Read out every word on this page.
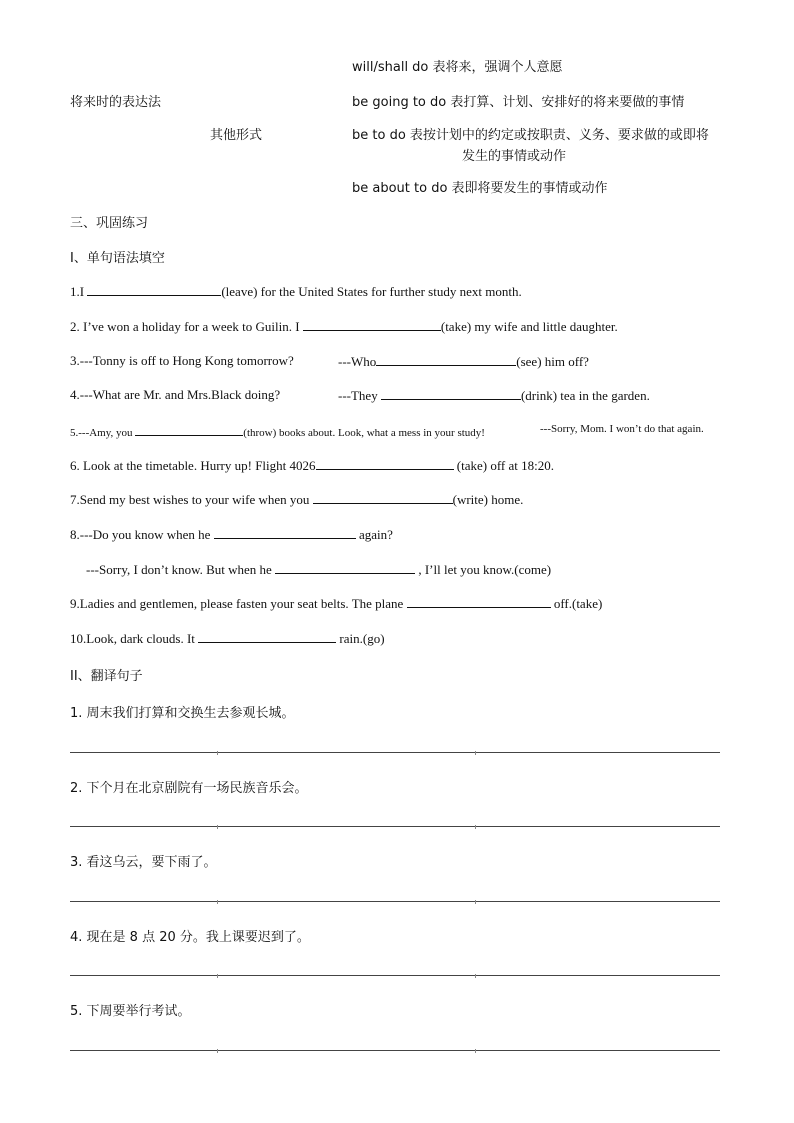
will/shall do 表将来，强调个人意愿
将来时的表达法	be going to do 表打算、计划、安排好的将来要做的事情
其他形式	be to do 表按计划中的约定或按职责、义务、要求做的或即将
发生的事情或动作
be about to do 表即将要发生的事情或动作
三、巩固练习
I、单句语法填空
1.I	(leave) for the United States for further study next month.
2. I’ve won a holiday for a week to Guilin. I	(take) my wife and little daughter.
3.---Tonny is off to Hong Kong tomorrow?	---Who	(see) him off?
4.---What are Mr. and Mrs.Black doing?	---They	(drink) tea in the garden.
5.---Amy, you	(throw) books about. Look, what a mess in your study!	---Sorry, Mom. I won’t do that again.
6. Look at the timetable. Hurry up! Flight 4026	(take) off at 18:20.
7.Send my best wishes to your wife when you	(write) home.
8.---Do you know when he	again?
---Sorry, I don’t know. But when he	, I’ll let you know.(come)
9.Ladies and gentlemen, please fasten your seat belts. The plane	off.(take)
10.Look, dark clouds. It	rain.(go)
II、翻译句子
1. 周末我们打算和交换生去参观长城。
2. 下个月在北京剧院有一场民族音乐会。
3. 看这乌云，要下雨了。
4. 现在是 8 点 20 分。我上课要迟到了。
5. 下周要举行考试。
